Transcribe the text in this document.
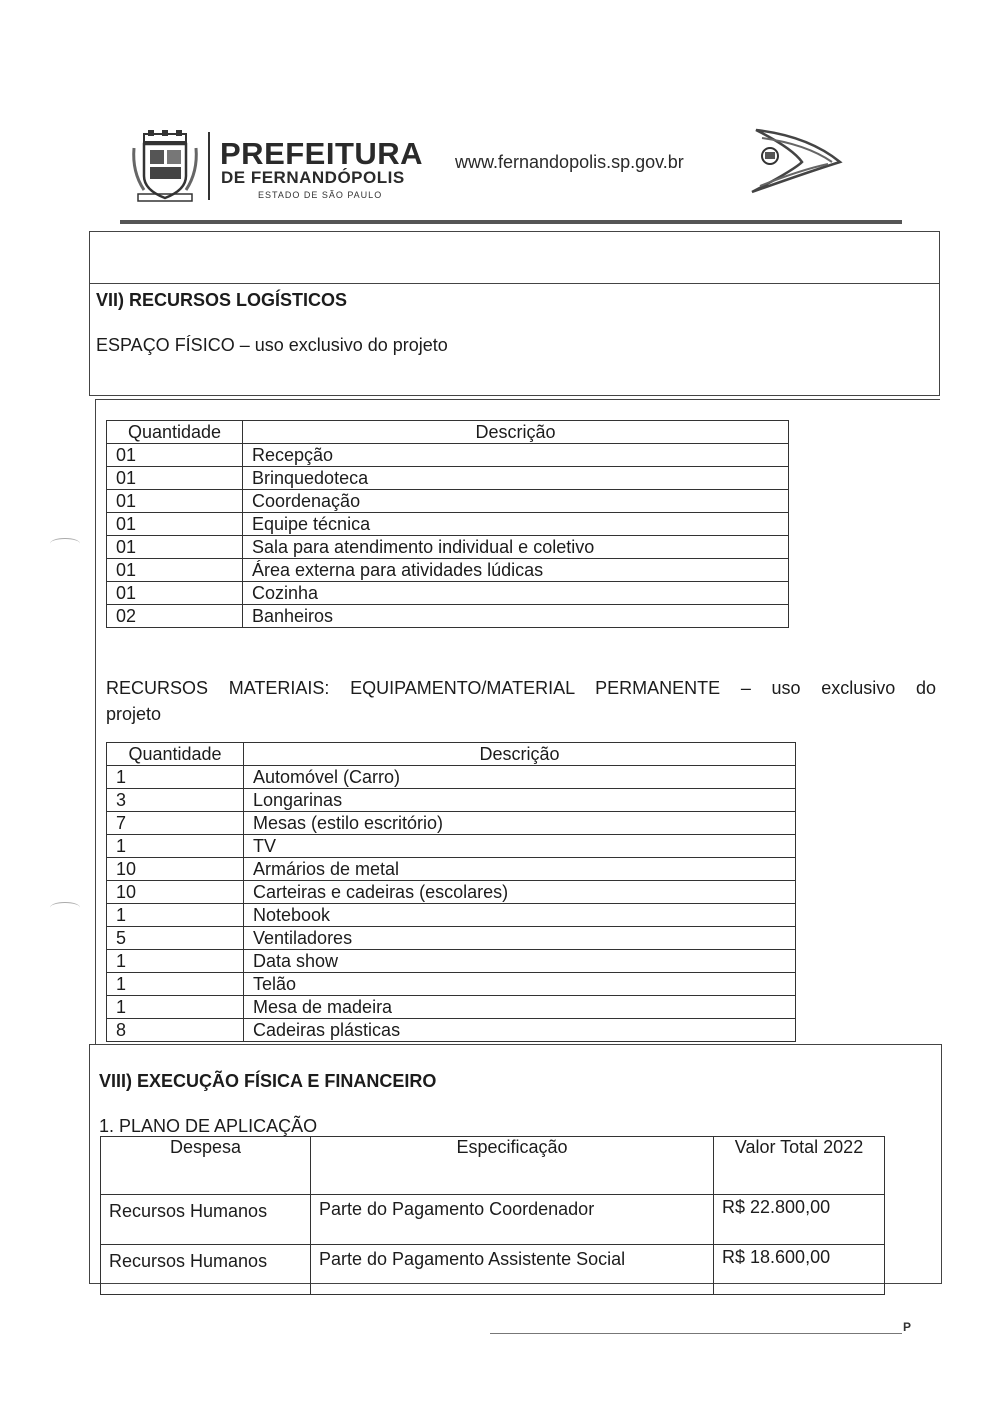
PREFEITURA
DE FERNANDÓPOLIS
ESTADO DE SÃO PAULO
www.fernandopolis.sp.gov.br
VII) RECURSOS LOGÍSTICOS
ESPAÇO FÍSICO – uso exclusivo do projeto
Quantidade	Descrição
01	Recepção
01	Brinquedoteca
01	Coordenação
01	Equipe técnica
01	Sala para atendimento individual e coletivo
01	Área externa para atividades lúdicas
01	Cozinha
02	Banheiros
RECURSOS MATERIAIS: EQUIPAMENTO/MATERIAL PERMANENTE – uso exclusivo do
projeto
Quantidade	Descrição
1	Automóvel (Carro)
3	Longarinas
7	Mesas (estilo escritório)
1	TV
10	Armários de metal
10	Carteiras e cadeiras (escolares)
1	Notebook
5	Ventiladores
1	Data show
1	Telão
1	Mesa de madeira
8	Cadeiras plásticas
VIII) EXECUÇÃO FÍSICA E FINANCEIRO
1. PLANO DE APLICAÇÃO
Despesa	Especificação	Valor Total 2022
Recursos Humanos	Parte do Pagamento Coordenador	R$ 22.800,00
Recursos Humanos	Parte do Pagamento Assistente Social	R$ 18.600,00
P
